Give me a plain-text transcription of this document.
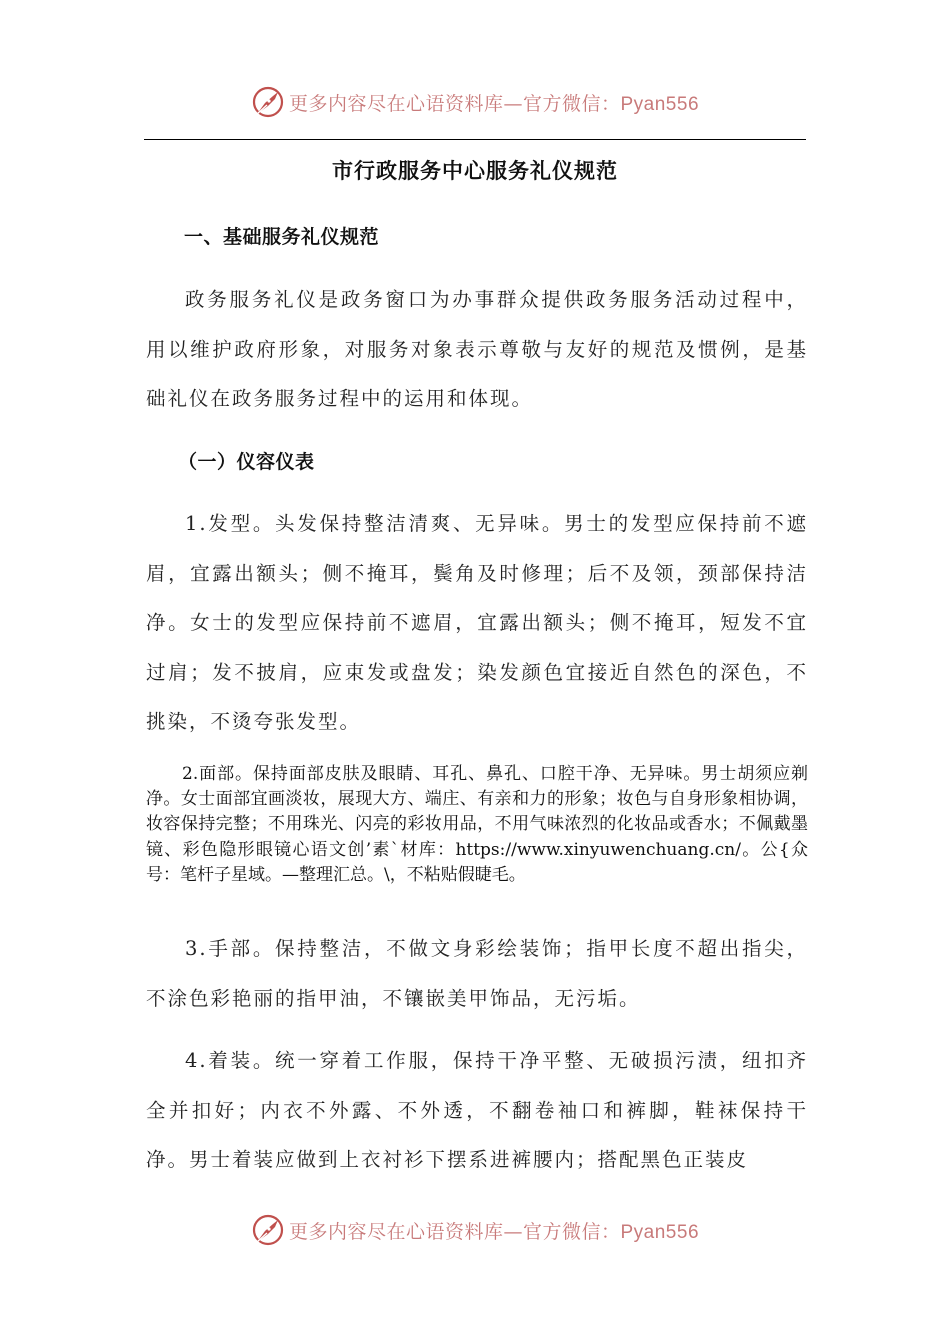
更多内容尽在心语资料库—官方微信：Pyan556
市行政服务中心服务礼仪规范
一、基础服务礼仪规范

政务服务礼仪是政务窗口为办事群众提供政务服务活动过程中，用以维护政府形象，对服务对象表示尊敬与友好的规范及惯例，是基础礼仪在政务服务过程中的运用和体现。

（一）仪容仪表

1.发型。头发保持整洁清爽、无异味。男士的发型应保持前不遮眉，宜露出额头；侧不掩耳，鬓角及时修理；后不及领，颈部保持洁净。女士的发型应保持前不遮眉，宜露出额头；侧不掩耳，短发不宜过肩；发不披肩，应束发或盘发；染发颜色宜接近自然色的深色，不挑染，不烫夸张发型。

2.面部。保持面部皮肤及眼睛、耳孔、鼻孔、口腔干净、无异味。男士胡须应剃净。女士面部宜画淡妆，展现大方、端庄、有亲和力的形象；妆色与自身形象相协调，妆容保持完整；不用珠光、闪亮的彩妆用品，不用气味浓烈的化妆品或香水；不佩戴墨镜、彩色隐形眼镜心语文创’素`材库：https://www.xinyuwenchuang.cn/。公{众号：笔杆子星域。—整理汇总。\，不粘贴假睫毛。

3.手部。保持整洁，不做文身彩绘装饰；指甲长度不超出指尖，不涂色彩艳丽的指甲油，不镶嵌美甲饰品，无污垢。

4.着装。统一穿着工作服，保持干净平整、无破损污渍，纽扣齐全并扣好；内衣不外露、不外透，不翻卷袖口和裤脚，鞋袜保持干净。男士着装应做到上衣衬衫下摆系进裤腰内；搭配黑色正装皮

更多内容尽在心语资料库—官方微信：Pyan556
